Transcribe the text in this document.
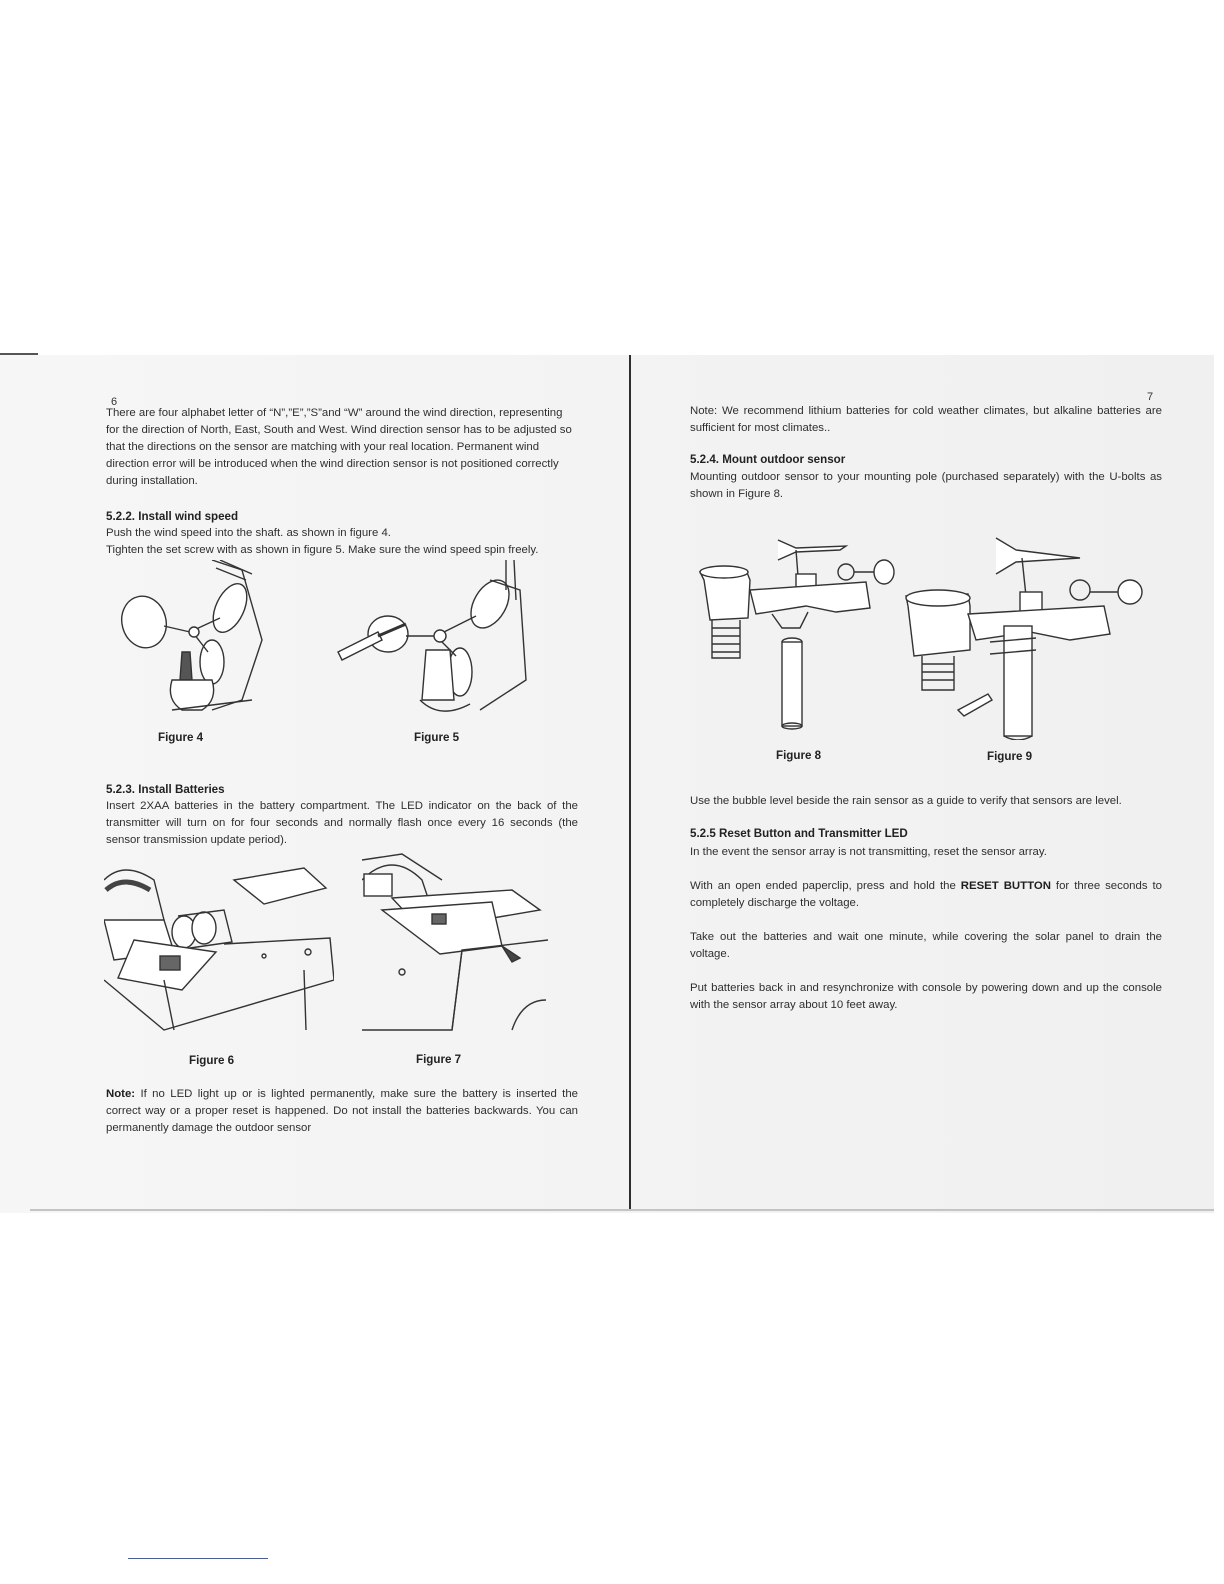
6

There are four alphabet letter of “N”,”E”,”S”and “W” around the wind direction, representing for the direction of North, East, South and West. Wind direction sensor has to be adjusted so that the directions on the sensor are matching with your real location. Permanent wind direction error will be introduced when the wind direction sensor is not positioned correctly during installation.

5.2.2. Install wind speed

Push the wind speed into the shaft. as shown in figure 4.

Tighten the set screw with as shown in figure 5. Make sure the wind speed spin freely.

Figure 4	Figure 5

5.2.3. Install Batteries

Insert 2XAA batteries in the battery compartment. The LED indicator on the back of the transmitter will turn on for four seconds and normally flash once every 16 seconds (the sensor transmission update period).

Figure 6	Figure 7

Note: If no LED light up or is lighted permanently, make sure the battery is inserted the correct way or a proper reset is happened. Do not install the batteries backwards. You can permanently damage the outdoor sensor

7

Note: We recommend lithium batteries for cold weather climates, but alkaline batteries are sufficient for most climates..

5.2.4. Mount outdoor sensor

Mounting outdoor sensor to your mounting pole (purchased separately) with the U-bolts as shown in Figure 8.

Figure 8	Figure 9

Use the bubble level beside the rain sensor as a guide to verify that sensors are level.

5.2.5 Reset Button and Transmitter LED

In the event the sensor array is not transmitting, reset the sensor array.

With an open ended paperclip, press and hold the RESET BUTTON for three seconds to completely discharge the voltage.

Take out the batteries and wait one minute, while covering the solar panel to drain the voltage.

Put batteries back in and resynchronize with console by powering down and up the console with the sensor array about 10 feet away.
